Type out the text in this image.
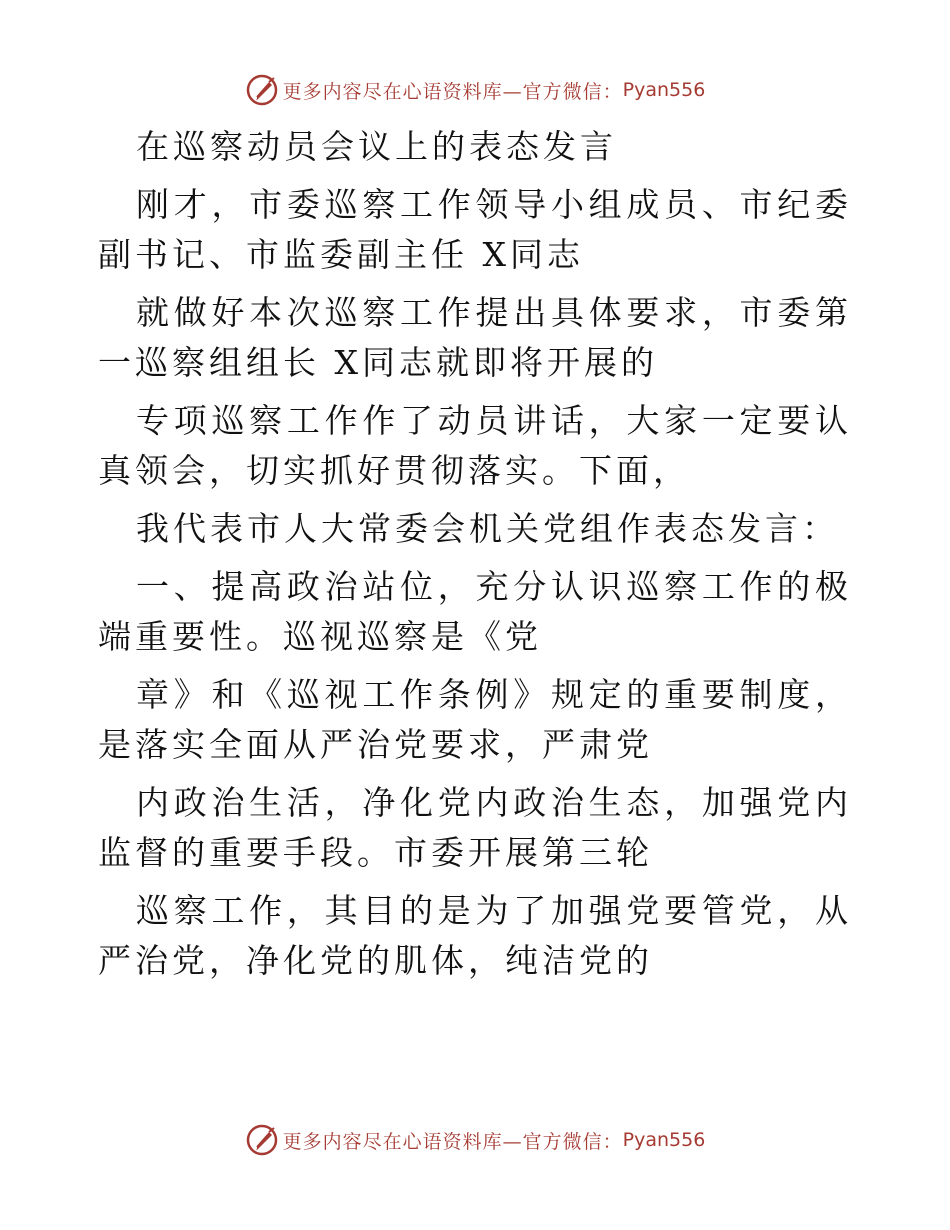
更多内容尽在心语资料库—官方微信： Pyan556

在巡察动员会议上的表态发言

刚才，市委巡察工作领导小组成员、市纪委副书记、市监委副主任 X同志

就做好本次巡察工作提出具体要求，市委第一巡察组组长 X同志就即将开展的

专项巡察工作作了动员讲话，大家一定要认真领会，切实抓好贯彻落实。下面，

我代表市人大常委会机关党组作表态发言：

一、提高政治站位，充分认识巡察工作的极端重要性。巡视巡察是《党

章》和《巡视工作条例》规定的重要制度，是落实全面从严治党要求，严肃党

内政治生活，净化党内政治生态，加强党内监督的重要手段。市委开展第三轮

巡察工作，其目的是为了加强党要管党，从严治党，净化党的肌体，纯洁党的

更多内容尽在心语资料库—官方微信： Pyan556
